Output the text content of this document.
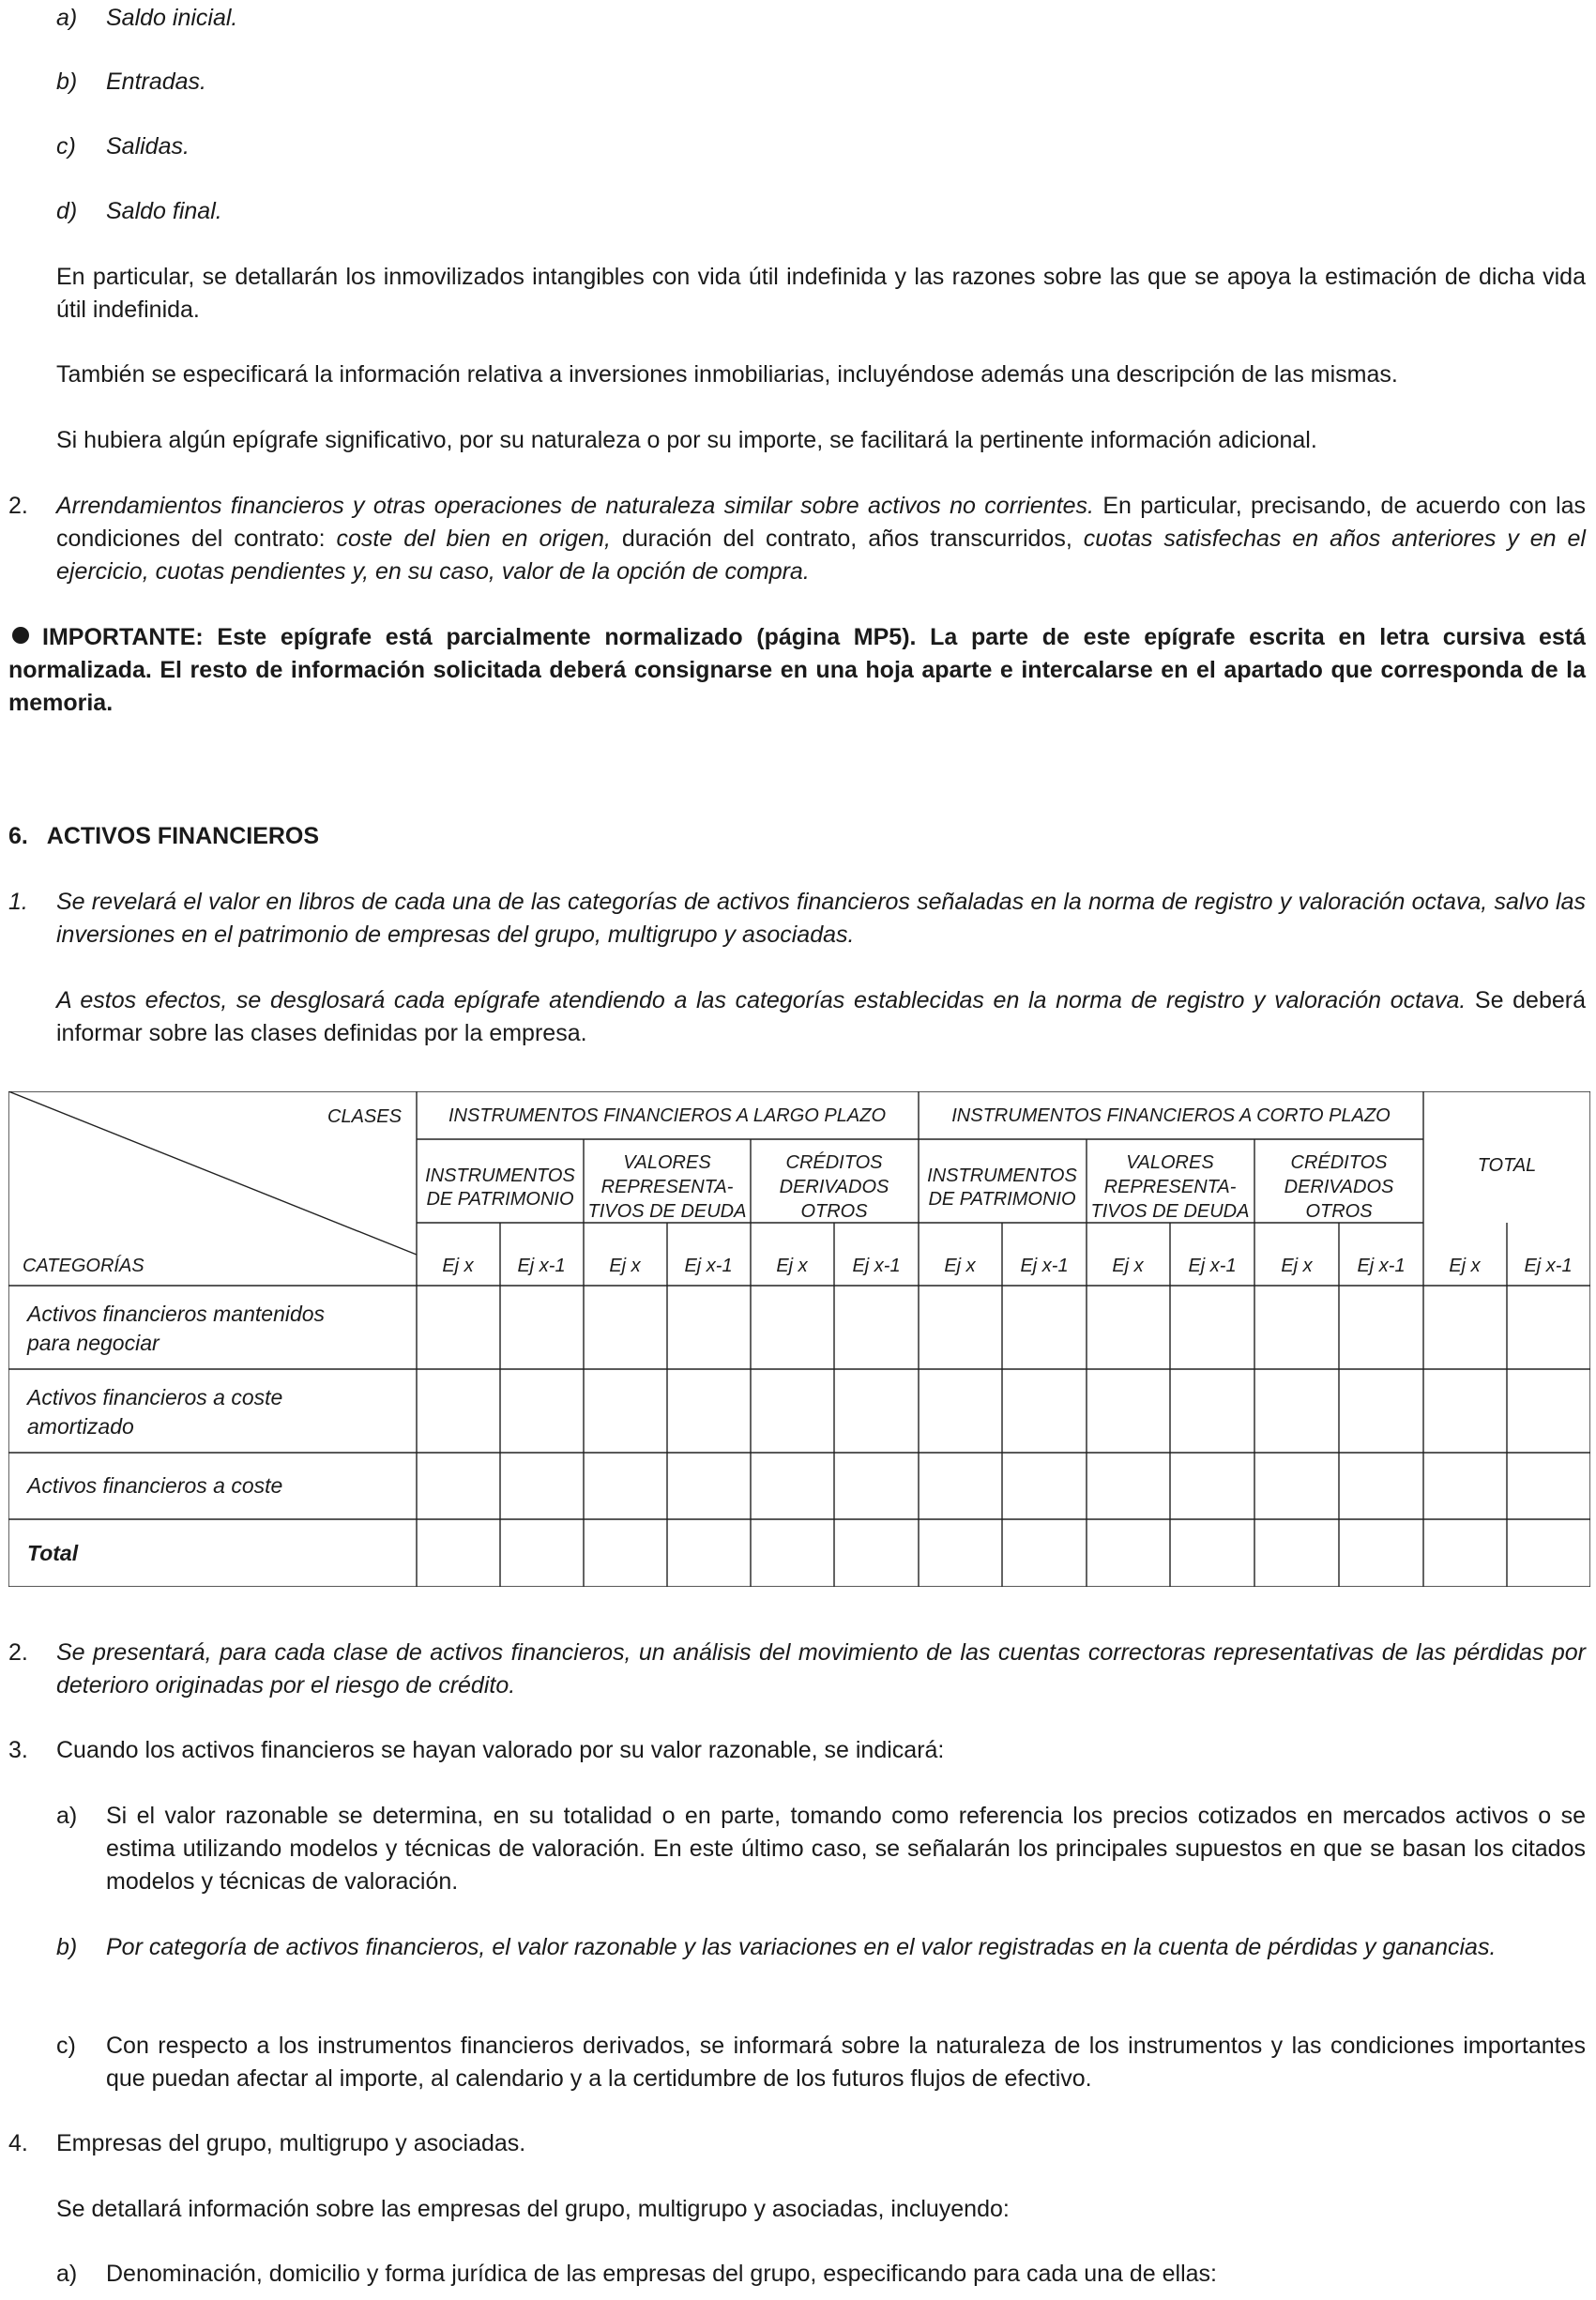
a) Saldo inicial.
b) Entradas.
c) Salidas.
d) Saldo final.

En particular, se detallarán los inmovilizados intangibles con vida útil indefinida y las razones sobre las que se apoya la estimación de dicha vida útil indefinida.

También se especificará la información relativa a inversiones inmobiliarias, incluyéndose además una descripción de las mismas.

Si hubiera algún epígrafe significativo, por su naturaleza o por su importe, se facilitará la pertinente información adicional.

2. Arrendamientos financieros y otras operaciones de naturaleza similar sobre activos no corrientes. En particular, precisando, de acuerdo con las condiciones del contrato: coste del bien en origen, duración del contrato, años transcurridos, cuotas satisfechas en años anteriores y en el ejercicio, cuotas pendientes y, en su caso, valor de la opción de compra.

IMPORTANTE: Este epígrafe está parcialmente normalizado (página MP5). La parte de este epígrafe escrita en letra cursiva está normalizada. El resto de información solicitada deberá consignarse en una hoja aparte e intercalarse en el apartado que corresponda de la memoria.

6.   ACTIVOS FINANCIEROS
1. Se revelará el valor en libros de cada una de las categorías de activos financieros señaladas en la norma de registro y valoración octava, salvo las inversiones en el patrimonio de empresas del grupo, multigrupo y asociadas.

A estos efectos, se desglosará cada epígrafe atendiendo a las categorías establecidas en la norma de registro y valoración octava. Se deberá informar sobre las clases definidas por la empresa.

CLASES
CATEGORÍAS
INSTRUMENTOS FINANCIEROS A LARGO PLAZO	INSTRUMENTOS FINANCIEROS A CORTO PLAZO
TOTAL
INSTRUMENTOS
DE PATRIMONIO
VALORES
REPRESENTA-
TIVOS DE DEUDA
CRÉDITOS
DERIVADOS
OTROS
INSTRUMENTOS
DE PATRIMONIO
VALORES
REPRESENTA-
TIVOS DE DEUDA
CRÉDITOS
DERIVADOS
OTROS
Ej x Ej x-1 Ej x Ej x-1 Ej x Ej x-1 Ej x Ej x-1 Ej x Ej x-1 Ej x Ej x-1 Ej x Ej x-1
Activos financieros mantenidos
para negociar
Activos financieros a coste
amortizado
Activos financieros a coste
Total
2. Se presentará, para cada clase de activos financieros, un análisis del movimiento de las cuentas correctoras representativas de las pérdidas por deterioro originadas por el riesgo de crédito.

3. Cuando los activos financieros se hayan valorado por su valor razonable, se indicará:

a) Si el valor razonable se determina, en su totalidad o en parte, tomando como referencia los precios cotizados en mercados activos o se estima utilizando modelos y técnicas de valoración. En este último caso, se señalarán los principales supuestos en que se basan los citados modelos y técnicas de valoración.

b) Por categoría de activos financieros, el valor razonable y las variaciones en el valor registradas en la cuenta de pérdidas y ganancias.

c) Con respecto a los instrumentos financieros derivados, se informará sobre la naturaleza de los instrumentos y las condiciones importantes que puedan afectar al importe, al calendario y a la certidumbre de los futuros flujos de efectivo.

4. Empresas del grupo, multigrupo y asociadas.

Se detallará información sobre las empresas del grupo, multigrupo y asociadas, incluyendo:

a) Denominación, domicilio y forma jurídica de las empresas del grupo, especificando para cada una de ellas:
